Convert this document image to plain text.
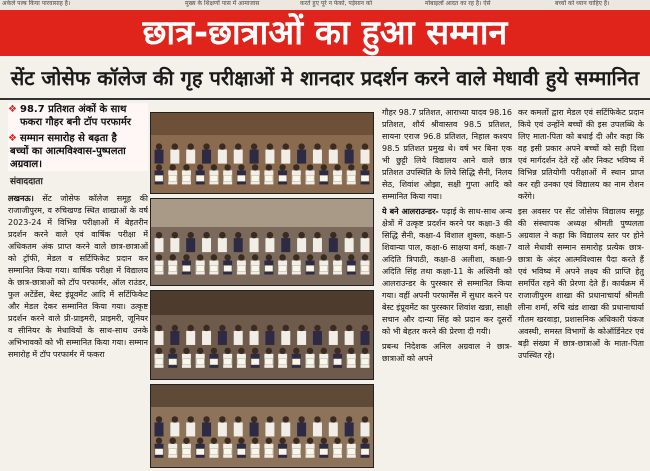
अकेले पल्ब किया पारवासाह है।	मुख्य के शिक्षणों पास में आमाजास	करते हुए पूरे न फेको, पड़ेसान को	मोबाइलों आदत का रह है। ऐसे	बच्चों को ध्यान चाहिए है।
छात्र-छात्राओं का हुआ सम्मान
सेंट जोसेफ कॉलेज की गृह परीक्षाओं मे शानदार प्रदर्शन करने वाले मेधावी हुये सम्मानित
❖ 98.7 प्रतिशत अंकों के साथ फकरा गौहर बनी टॉप परफार्मर
❖ सम्मान समारोह से बढ़ता है
बच्चों का आत्मविश्वास-पुष्पलता अग्रवाल।
संवाददाता
लखनऊ। सेंट जोसेफ कॉलेज समूह की राजाजीपुरम, व रुचिखण्ड स्थित शाखाओं के वर्ष 2023-24 में विभिन्न परीक्षाओं में बेहतरीन प्रदर्शन करने वाले एवं वार्षिक परीक्षा में अधिकतम अंक प्राप्त करने वाले छात्र-छात्राओं को ट्रॉफी, मेडल व सर्टिफिकेट प्रदान कर सम्मानित किया गया। वार्षिक परीक्षा में विद्यालय के छात्र-छात्राओं को टॉप परफार्मर, ऑल राउंडर, फुल अटेंडेंस, बेस्ट इंप्रूवमेंट आदि में सर्टिफिकेट और मेडल देकर सम्मानित किया गया। उत्कृष्ट प्रदर्शन करने वाले प्री-प्राइमरी, प्राइमरी, जूनियर व सीनियर के मेधावियों के साथ-साथ उनके अभिभावकों को भी सम्मानित किया गया। सम्मान समारोह में टॉप परफार्मर में फकरा

गौहर 98.7 प्रतिशत, आराध्या यादव 98.16 प्रतिशत, शौर्य श्रीवास्तव 98.5 प्रतिशत, सायना एराज 96.8 प्रतिशत, निहाल कश्यप 98.5 प्रतिशत प्रमुख थे। वर्ष भर बिना एक भी छुट्टी लिये विद्यालय आने वाले छात्र प्रतिशत उपस्थिति के लिये सिद्धि सैनी, निलय सेठ, शिवांश ओझा, सक्षी गुप्ता आदि को सम्मानित किया गया।

ये बने आलराउन्डर- पढ़ाई के साथ-साथ अन्य क्षेत्रों में उत्कृष्ट प्रदर्शन करने पर कक्षा-3 की सिद्धि सैनी, कक्षा-4 विशाल शुक्ला, कक्षा-5 शिवान्या पाल, कक्षा-6 साक्षया वर्मा, कक्षा-7 अदिति त्रिपाठी, कक्षा-8 अलीशा, कक्षा-9 अदिति सिंह तथा कक्षा-11 के अश्विनी को आलराउन्डर के पुरस्कार से सम्मानित किया गया। वहीं अपनी परफार्मेंस में सुधार करने पर बेस्ट इंप्रूवमेंट का पुरस्कार शिवांश खन्ना, साक्षी सचान और दान्या सिंह को प्रदान कर दूसरों को भी बेहतर करने की प्रेरणा दी गयी।

प्रबन्ध निदेशक अनिल अग्रवाल ने छात्र-छात्राओं को अपने

कर कमलों द्वारा मेडल एवं सर्टिफिकेट प्रदान किये एवं उन्होंने बच्चों की इस उपलब्धि के लिए माता-पिता को बधाई दी और कहा कि वह इसी प्रकार अपने बच्चों को सही दिशा एवं मार्गदर्शन देते रहें और निकट भविष्य में विभिन्न प्रतियोगी परीक्षाओं में स्थान प्राप्त कर रही उनका एवं विद्यालय का नाम रोशन करेंगे।

इस अवसर पर सेंट जोसेफ विद्यालय समूह की संस्थापक अध्यक्ष श्रीमती पुष्पलता अग्रवाल ने कहा कि विद्यालय स्तर पर होने वाले मेधावी सम्मान समारोह प्रत्येक छात्र-छात्रा के अंदर आत्मविश्वास पैदा करते हैं एवं भविष्य में अपने लक्ष्य की प्राप्ति हेतु समर्पित रहने की प्रेरणा देते हैं। कार्यक्रम में राजाजीपुरम शाखा की प्रधानाचार्या श्रीमती लीना शर्मा, रुचि खंड शाखा की प्रधानाचार्या गौतम खरवाड़ा, प्रशासनिक अधिकारी पंकज अवस्थी, समस्त विभागों के कोऑर्डिनेटर एवं बड़ी संख्या में छात्र-छात्राओं के माता-पिता उपस्थित रहे।
